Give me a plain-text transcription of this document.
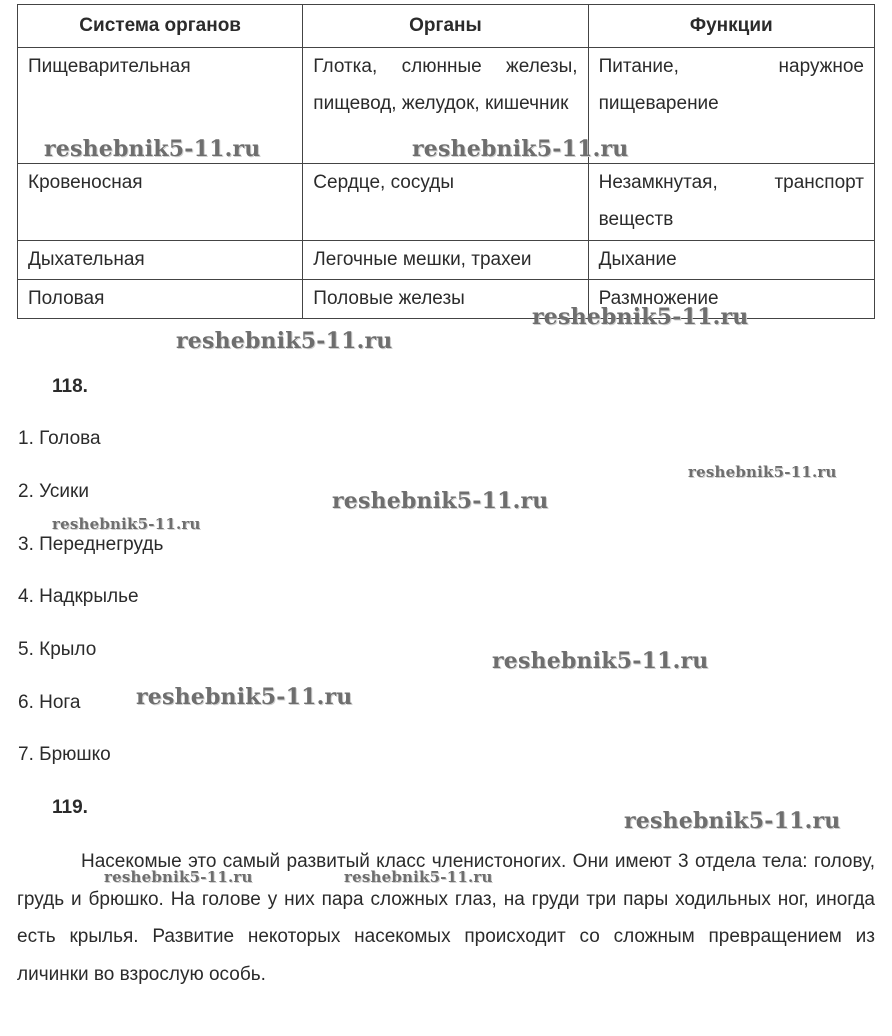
Система органов	Органы	Функции
Пищеварительная	Глотка, слюнные железы, пищевод, желудок, кишечник	Питание, наружное пищеварение
Кровеносная	Сердце, сосуды	Незамкнутая, транспорт веществ
Дыхательная	Легочные мешки, трахеи	Дыхание
Половая	Половые железы	Размножение
118.
1. Голова
2. Усики
3. Переднегрудь
4. Надкрылье
5. Крыло
6. Нога
7. Брюшко
119.

Насекомые это самый развитый класс членистоногих. Они имеют 3 отдела тела: голову, грудь и брюшко. На голове у них пара сложных глаз, на груди три пары ходильных ног, иногда есть крылья. Развитие некоторых насекомых происходит со сложным превращением из личинки во взрослую особь.

reshebnik5-11.ru	reshebnik5-11.ru
reshebnik5-11.ru
reshebnik5-11.ru
reshebnik5-11.ru
reshebnik5-11.ru
reshebnik5-11.ru
reshebnik5-11.ru
reshebnik5-11.ru
reshebnik5-11.ru
reshebnik5-11.ru	reshebnik5-11.ru
